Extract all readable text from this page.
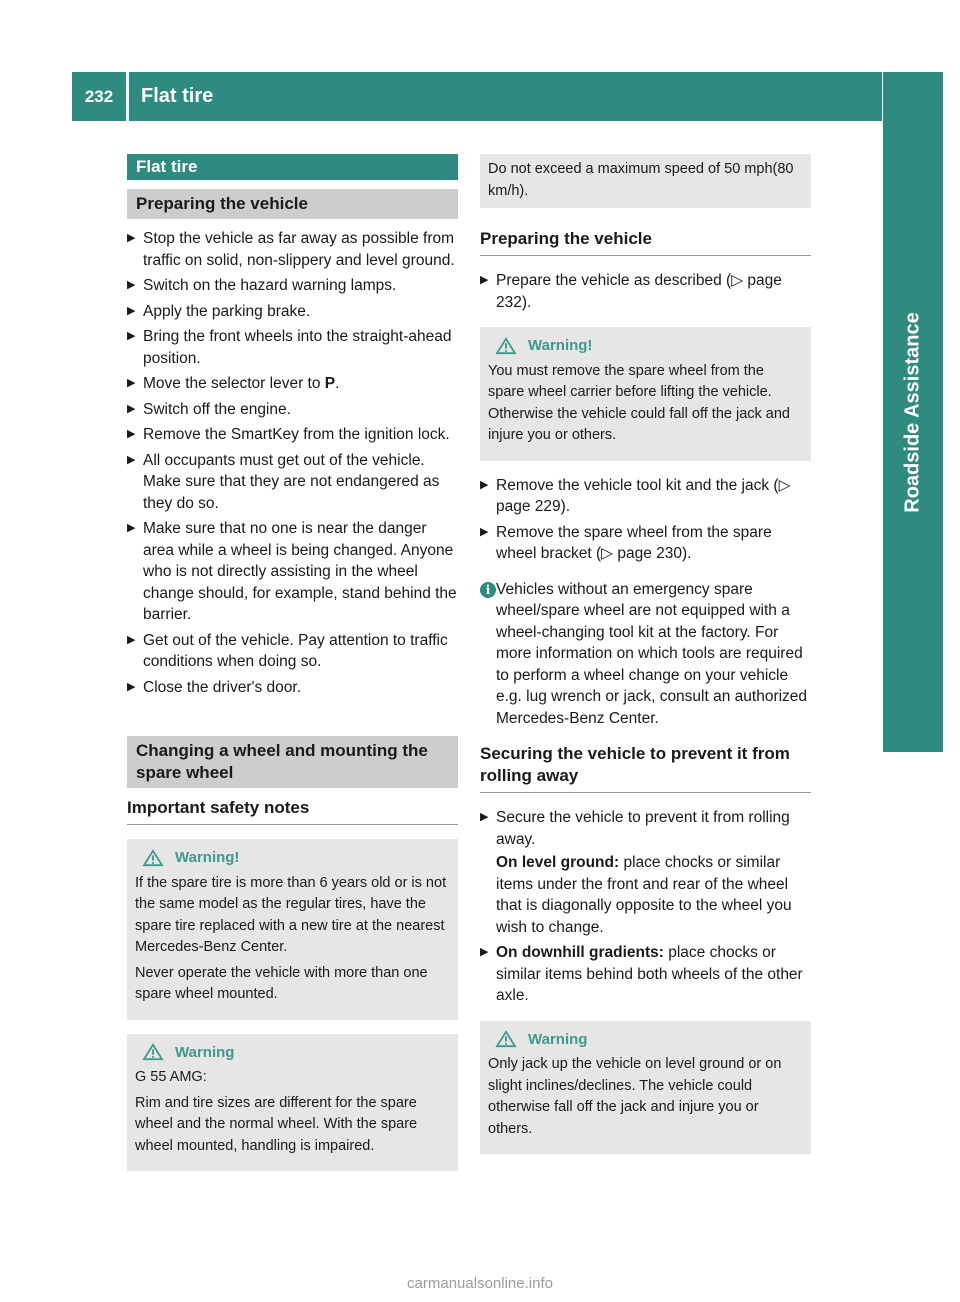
232	Flat tire
Roadside Assistance
Flat tire
Preparing the vehicle
▶ Stop the vehicle as far away as possible from traffic on solid, non-slippery and level ground.
▶ Switch on the hazard warning lamps.
▶ Apply the parking brake.
▶ Bring the front wheels into the straight-ahead position.
▶ Move the selector lever to P.
▶ Switch off the engine.
▶ Remove the SmartKey from the ignition lock.
▶ All occupants must get out of the vehicle. Make sure that they are not endangered as they do so.
▶ Make sure that no one is near the danger area while a wheel is being changed. Anyone who is not directly assisting in the wheel change should, for example, stand behind the barrier.
▶ Get out of the vehicle. Pay attention to traffic conditions when doing so.
▶ Close the driver's door.
Changing a wheel and mounting the spare wheel
Important safety notes
Warning!
If the spare tire is more than 6 years old or is not the same model as the regular tires, have the spare tire replaced with a new tire at the nearest Mercedes-Benz Center.
Never operate the vehicle with more than one spare wheel mounted.
Warning
G 55 AMG:
Rim and tire sizes are different for the spare wheel and the normal wheel. With the spare wheel mounted, handling is impaired.
Do not exceed a maximum speed of 50 mph(80 km/h).
Preparing the vehicle
▶ Prepare the vehicle as described (▷ page 232).
Warning!
You must remove the spare wheel from the spare wheel carrier before lifting the vehicle. Otherwise the vehicle could fall off the jack and injure you or others.
▶ Remove the vehicle tool kit and the jack (▷ page 229).
▶ Remove the spare wheel from the spare wheel bracket (▷ page 230).
i Vehicles without an emergency spare wheel/spare wheel are not equipped with a wheel-changing tool kit at the factory. For more information on which tools are required to perform a wheel change on your vehicle e.g. lug wrench or jack, consult an authorized Mercedes-Benz Center.
Securing the vehicle to prevent it from rolling away
▶ Secure the vehicle to prevent it from rolling away.
On level ground: place chocks or similar items under the front and rear of the wheel that is diagonally opposite to the wheel you wish to change.
▶ On downhill gradients: place chocks or similar items behind both wheels of the other axle.
Warning
Only jack up the vehicle on level ground or on slight inclines/declines. The vehicle could otherwise fall off the jack and injure you or others.
carmanualsonline.info
